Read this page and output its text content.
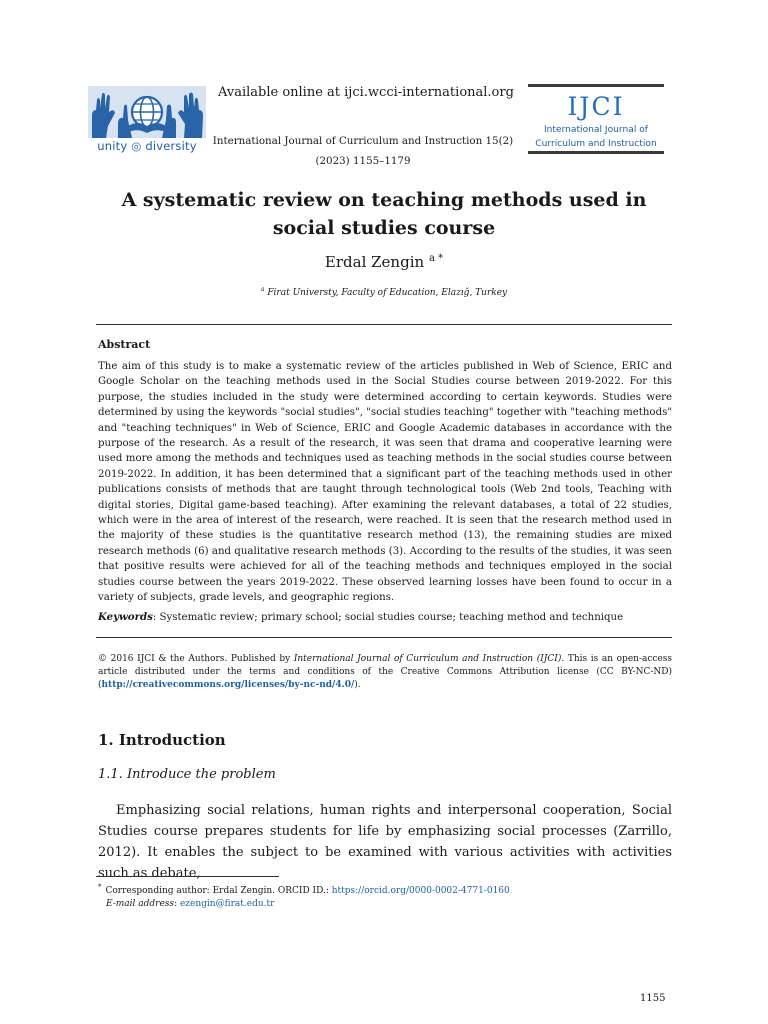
unity ◎ diversity
Available online at ijci.wcci-international.org
International Journal of Curriculum and Instruction 15(2)
(2023) 1155–1179
IJCI
International Journal of
Curriculum and Instruction
A systematic review on teaching methods used in
social studies course
Erdal Zengin $^{a *}$
$^a$ Firat Universty, Faculty of Education, Elazığ, Turkey
Abstract
The aim of this study is to make a systematic review of the articles published in Web of Science, ERIC and Google Scholar on the teaching methods used in the Social Studies course between 2019-2022. For this purpose, the studies included in the study were determined according to certain keywords. Studies were determined by using the keywords "social studies", "social studies teaching" together with "teaching methods" and "teaching techniques" in Web of Science, ERIC and Google Academic databases in accordance with the purpose of the research. As a result of the research, it was seen that drama and cooperative learning were used more among the methods and techniques used as teaching methods in the social studies course between 2019-2022. In addition, it has been determined that a significant part of the teaching methods used in other publications consists of methods that are taught through technological tools (Web 2nd tools, Teaching with digital stories, Digital game-based teaching). After examining the relevant databases, a total of 22 studies, which were in the area of interest of the research, were reached. It is seen that the research method used in the majority of these studies is the quantitative research method (13), the remaining studies are mixed research methods (6) and qualitative research methods (3). According to the results of the studies, it was seen that positive results were achieved for all of the teaching methods and techniques employed in the social studies course between the years 2019-2022. These observed learning losses have been found to occur in a variety of subjects, grade levels, and geographic regions.
Keywords: Systematic review; primary school; social studies course; teaching method and technique
© 2016 IJCI & the Authors. Published by International Journal of Curriculum and Instruction (IJCI). This is an open-access article distributed under the terms and conditions of the Creative Commons Attribution license (CC BY-NC-ND) (http://creativecommons.org/licenses/by-nc-nd/4.0/).
1. Introduction
1.1. Introduce the problem
Emphasizing social relations, human rights and interpersonal cooperation, Social Studies course prepares students for life by emphasizing social processes (Zarrillo, 2012). It enables the subject to be examined with various activities with activities such as debate,
* Corresponding author: Erdal Zengin. ORCID ID.: https://orcid.org/0000-0002-4771-0160
E-mail address: ezengin@firat.edu.tr
1155
